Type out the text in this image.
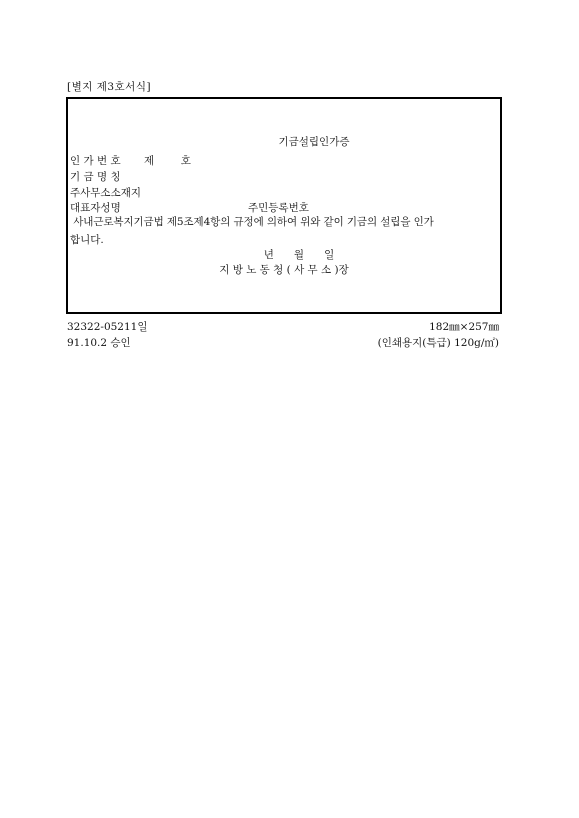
[별지 제3호서식]
기금설립인가증
인 가 번 호       제        호
기 금 명 칭
주사무소소재지
대표자성명	주민등록번호
사내근로복지기금법 제5조제4항의 규정에 의하여 위와 같이 기금의 설립을 인가
합니다.
년      월      일
지 방 노 동 청 ( 사 무 소 )장
32322-05211일	182㎜×257㎜
91.10.2 승인	(인쇄용지(특급) 120g/㎡)
